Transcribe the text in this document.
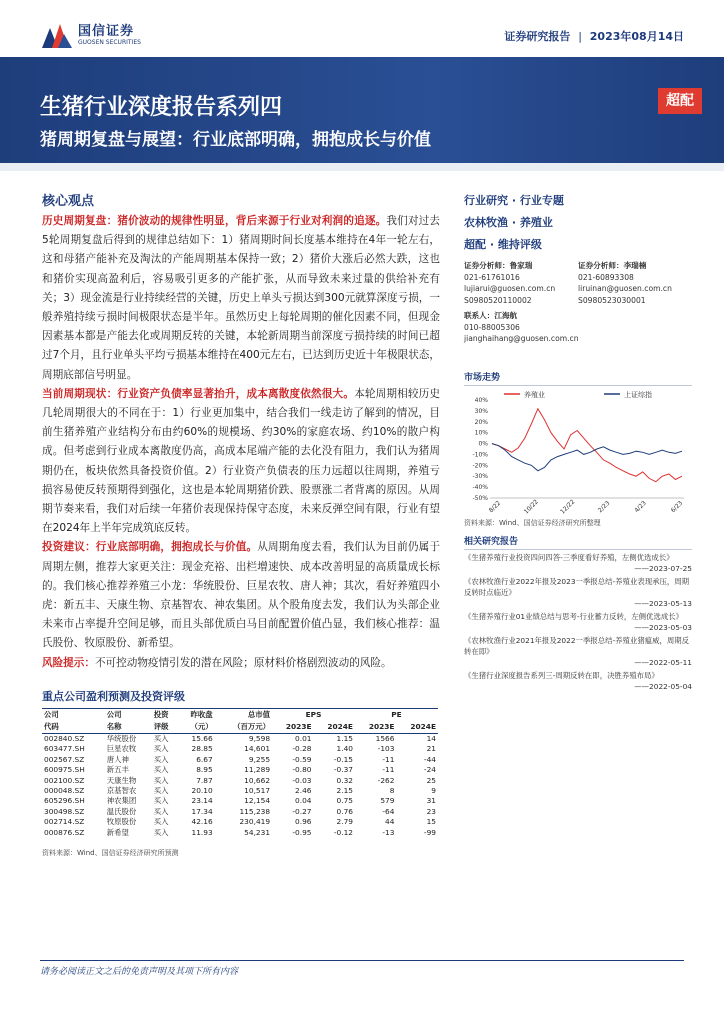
国信证券
GUOSEN SECURITIES	证券研究报告 | 2023年08月14日
生猪行业深度报告系列四
猪周期复盘与展望：行业底部明确，拥抱成长与价值
超配
核心观点

历史周期复盘：猪价波动的规律性明显，背后来源于行业对利润的追逐。我们对过去5轮周期复盘后得到的规律总结如下：1）猪周期时间长度基本维持在4年一轮左右，这和母猪产能补充及淘汰的产能周期基本保持一致；2）猪价大涨后必然大跌，这也和猪价实现高盈利后，容易吸引更多的产能扩张，从而导致未来过量的供给补充有关；3）现金流是行业持续经营的关键，历史上单头亏损达到300元就算深度亏损，一般养殖持续亏损时间极限状态是半年。虽然历史上每轮周期的催化因素不同，但现金因素基本都是产能去化或周期反转的关键，本轮新周期当前深度亏损持续的时间已超过7个月，且行业单头平均亏损基本维持在400元左右，已达到历史近十年极限状态，周期底部信号明显。

当前周期现状：行业资产负债率显著抬升，成本离散度依然很大。本轮周期相较历史几轮周期很大的不同在于：1）行业更加集中，结合我们一线走访了解到的情况，目前生猪养殖产业结构分布由约60%的规模场、约30%的家庭农场、约10%的散户构成。但考虑到行业成本离散度仍高，高成本尾端产能的去化没有阻力，我们认为猪周期仍在，板块依然具备投资价值。2）行业资产负债表的压力远超以往周期，养殖亏损容易使反转预期得到强化，这也是本轮周期猪价跌、股票涨二者背离的原因。从周期节奏来看，我们对后续一年猪价表现保持保守态度，未来反弹空间有限，行业有望在2024年上半年完成筑底反转。

投资建议：行业底部明确，拥抱成长与价值。从周期角度去看，我们认为目前仍属于周期左侧，推荐大家更关注：现金充裕、出栏增速快、成本改善明显的高质量成长标的。我们核心推荐养殖三小龙：华统股份、巨星农牧、唐人神；其次，看好养殖四小虎：新五丰、天康生物、京基智农、神农集团。从个股角度去发，我们认为头部企业未来市占率提升空间足够，而且头部优质白马目前配置价值凸显，我们核心推荐：温氏股份、牧原股份、新希望。

风险提示：不可控动物疫情引发的潜在风险；原材料价格剧烈波动的风险。

行业研究 · 行业专题
农林牧渔 · 养殖业
超配 · 维持评级
证券分析师：鲁家瑞
021-61761016
lujiarui@guosen.com.cn
S0980520110002
证券分析师：李瑞楠
021-60893308
liruinan@guosen.com.cn
S0980523030001
联系人：江海航
010-88005306
jianghaihang@guosen.com.cn
市场走势
养殖业	上证综指
40%
30%
20%
10%
0%
-10%
-20%
-30%
-40%
-50%
8/22	10/22	12/22	2/23	4/23	6/23
资料来源：Wind、国信证券经济研究所整理
相关研究报告
《生猪养殖行业投资四问四答-三季度看好养殖，左侧优选成长》
——2023-07-25
《农林牧渔行业2022年报及2023一季报总结-养殖业表现承压，周期反转时点临近》
——2023-05-13
《生猪养殖行业01业绩总结与思考-行业蓄力反转，左侧优选成长》
——2023-05-03
《农林牧渔行业2021年报及2022一季报总结-养殖业猪瘟威，周期反转在即》
——2022-05-11
《生猪行业深度报告系列三-周期反转在即，决胜养殖布局》
——2022-05-04
重点公司盈利预测及投资评级
公司	公司	投资	昨收盘	总市值	EPS		PE	
代码	名称	评级	（元）	（百万元）	2023E	2024E	2023E	2024E
002840.SZ	华统股份	买入	15.66	9,598	0.01	1.15	1566	14
603477.SH	巨星农牧	买入	28.85	14,601	-0.28	1.40	-103	21
002567.SZ	唐人神	买入	6.67	9,255	-0.59	-0.15	-11	-44
600975.SH	新五丰	买入	8.95	11,289	-0.80	-0.37	-11	-24
002100.SZ	天康生物	买入	7.87	10,662	-0.03	0.32	-262	25
000048.SZ	京基智农	买入	20.10	10,517	2.46	2.15	8	9
605296.SH	神农集团	买入	23.14	12,154	0.04	0.75	579	31
300498.SZ	温氏股份	买入	17.34	115,238	-0.27	0.76	-64	23
002714.SZ	牧原股份	买入	42.16	230,419	0.96	2.79	44	15
000876.SZ	新希望	买入	11.93	54,231	-0.95	-0.12	-13	-99
资料来源：Wind、国信证券经济研究所预测
请务必阅读正文之后的免责声明及其项下所有内容
